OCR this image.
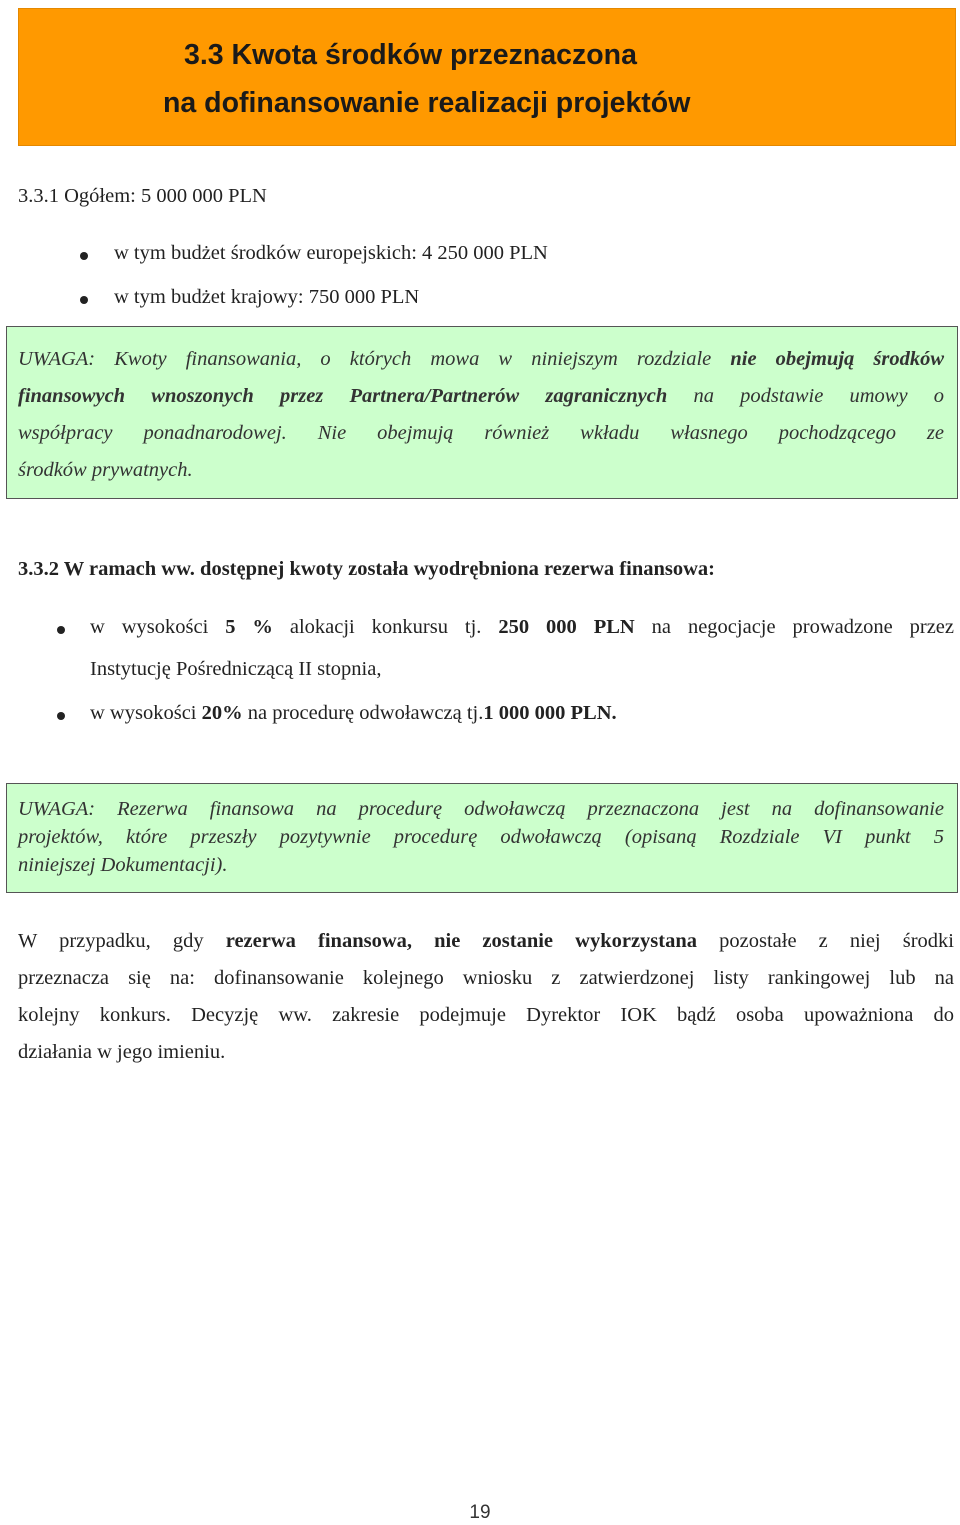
3.3 Kwota środków przeznaczona
na dofinansowanie realizacji projektów
3.3.1 Ogółem: 5 000 000 PLN
w tym budżet środków europejskich: 4 250 000 PLN
w tym budżet krajowy: 750 000 PLN
UWAGA: Kwoty finansowania, o których mowa w niniejszym rozdziale nie obejmują środków
finansowych wnoszonych przez Partnera/Partnerów zagranicznych na podstawie umowy o
współpracy ponadnarodowej. Nie obejmują również wkładu własnego pochodzącego ze
środków prywatnych.
3.3.2 W ramach ww. dostępnej kwoty została wyodrębniona rezerwa finansowa:
w wysokości 5 % alokacji konkursu tj. 250 000 PLN na negocjacje prowadzone przez
Instytucję Pośredniczącą II stopnia,
w wysokości 20% na procedurę odwoławczą tj.1 000 000 PLN.
UWAGA: Rezerwa finansowa na procedurę odwoławczą przeznaczona jest na dofinansowanie
projektów, które przeszły pozytywnie procedurę odwoławczą (opisaną Rozdziale VI punkt 5
niniejszej Dokumentacji).
W przypadku, gdy rezerwa finansowa, nie zostanie wykorzystana pozostałe z niej środki
przeznacza się na: dofinansowanie kolejnego wniosku z zatwierdzonej listy rankingowej lub na
kolejny konkurs. Decyzję ww. zakresie podejmuje Dyrektor IOK bądź osoba upoważniona do
działania w jego imieniu.
19
